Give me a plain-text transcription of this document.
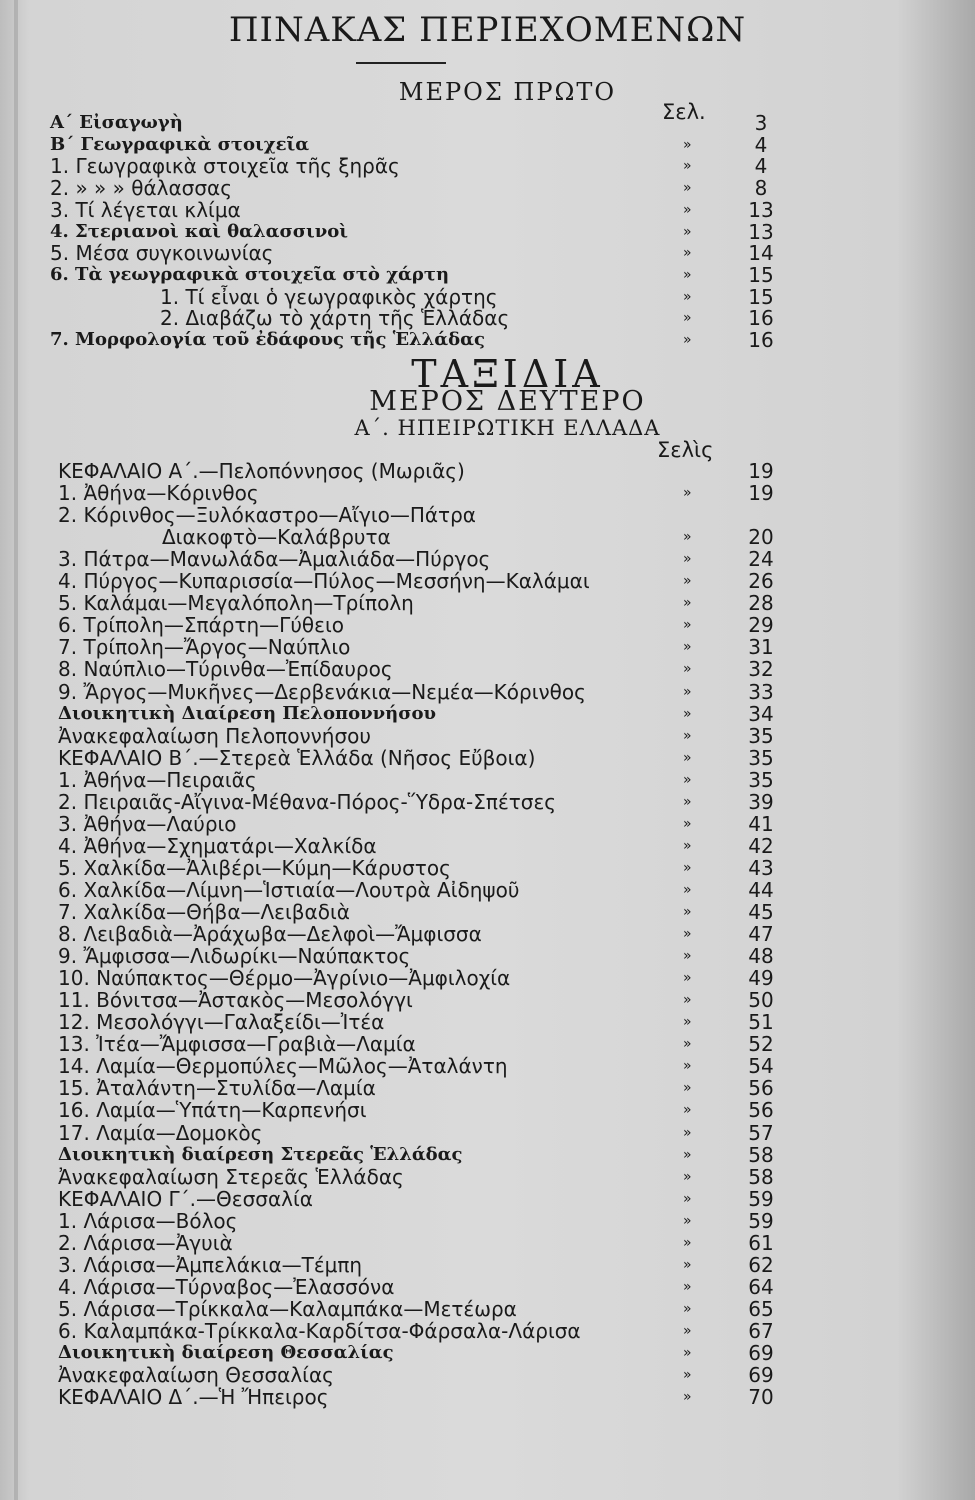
ΠΙΝΑΚΑΣ ΠΕΡΙΕΧΟΜΕΝΩΝ
ΜΕΡΟΣ ΠΡΩΤΟ
Σελ.
Α΄ Εἰσαγωγὴ	3
Β΄ Γεωγραφικὰ στοιχεῖα	»	4
1. Γεωγραφικὰ στοιχεῖα τῆς ξηρᾶς	»	4
2. » » » θάλασσας	»	8
3. Τί λέγεται κλίμα	»	13
4. Στεριανοὶ καὶ θαλασσινοὶ	»	13
5. Μέσα συγκοινωνίας	»	14
6. Τὰ γεωγραφικὰ στοιχεῖα στὸ χάρτη	»	15
1. Τί εἶναι ὁ γεωγραφικὸς χάρτης	»	15
2. Διαβάζω τὸ χάρτη τῆς Ἑλλάδας	»	16
7. Μορφολογία τοῦ ἐδάφους τῆς Ἑλλάδας	»	16
ΤΑΞΙΔΙΑ
ΜΕΡΟΣ ΔΕΥΤΕΡΟ
Α΄. ΗΠΕΙΡΩΤΙΚΗ ΕΛΛΑΔΑ
Σελὶς
ΚΕΦΑΛΑΙΟ Α΄.—Πελοπόννησος (Μωριᾶς)	19
1. Ἀθήνα—Κόρινθος	»	19
2. Κόρινθος—Ξυλόκαστρο—Αἴγιο—Πάτρα
Διακοφτὸ—Καλάβρυτα	»	20
3. Πάτρα—Μανωλάδα—Ἀμαλιάδα—Πύργος	»	24
4. Πύργος—Κυπαρισσία—Πύλος—Μεσσήνη—Καλάμαι	»	26
5. Καλάμαι—Μεγαλόπολη—Τρίπολη	»	28
6. Τρίπολη—Σπάρτη—Γύθειο	»	29
7. Τρίπολη—Ἄργος—Ναύπλιο	»	31
8. Ναύπλιο—Τύρινθα—Ἐπίδαυρος	»	32
9. Ἄργος—Μυκῆνες—Δερβενάκια—Νεμέα—Κόρινθος	»	33
Διοικητικὴ Διαίρεση Πελοποννήσου	»	34
Ἀνακεφαλαίωση Πελοποννήσου	»	35
ΚΕΦΑΛΑΙΟ Β΄.—Στερεὰ Ἑλλάδα (Νῆσος Εὔβοια)	»	35
1. Ἀθήνα—Πειραιᾶς	»	35
2. Πειραιᾶς-Αἴγινα-Μέθανα-Πόρος-Ὕδρα-Σπέτσες	»	39
3. Ἀθήνα—Λαύριο	»	41
4. Ἀθήνα—Σχηματάρι—Χαλκίδα	»	42
5. Χαλκίδα—Ἀλιβέρι—Κύμη—Κάρυστος	»	43
6. Χαλκίδα—Λίμνη—Ἱστιαία—Λουτρὰ Αἰδηψοῦ	»	44
7. Χαλκίδα—Θήβα—Λειβαδιὰ	»	45
8. Λειβαδιὰ—Ἀράχωβα—Δελφοὶ—Ἄμφισσα	»	47
9. Ἄμφισσα—Λιδωρίκι—Ναύπακτος	»	48
10. Ναύπακτος—Θέρμο—Ἀγρίνιο—Ἀμφιλοχία	»	49
11. Βόνιτσα—Ἀστακὸς—Μεσολόγγι	»	50
12. Μεσολόγγι—Γαλαξείδι—Ἰτέα	»	51
13. Ἰτέα—Ἄμφισσα—Γραβιὰ—Λαμία	»	52
14. Λαμία—Θερμοπύλες—Μῶλος—Ἀταλάντη	»	54
15. Ἀταλάντη—Στυλίδα—Λαμία	»	56
16. Λαμία—Ὑπάτη—Καρπενήσι	»	56
17. Λαμία—Δομοκὸς	»	57
Διοικητικὴ διαίρεση Στερεᾶς Ἑλλάδας	»	58
Ἀνακεφαλαίωση Στερεᾶς Ἑλλάδας	»	58
ΚΕΦΑΛΑΙΟ Γ΄.—Θεσσαλία	»	59
1. Λάρισα—Βόλος	»	59
2. Λάρισα—Ἀγυιὰ	»	61
3. Λάρισα—Ἀμπελάκια—Τέμπη	»	62
4. Λάρισα—Τύρναβος—Ἐλασσόνα	»	64
5. Λάρισα—Τρίκκαλα—Καλαμπάκα—Μετέωρα	»	65
6. Καλαμπάκα-Τρίκκαλα-Καρδίτσα-Φάρσαλα-Λάρισα	»	67
Διοικητικὴ διαίρεση Θεσσαλίας	»	69
Ἀνακεφαλαίωση Θεσσαλίας	»	69
ΚΕΦΑΛΑΙΟ Δ΄.—Ἡ Ἤπειρος	»	70
